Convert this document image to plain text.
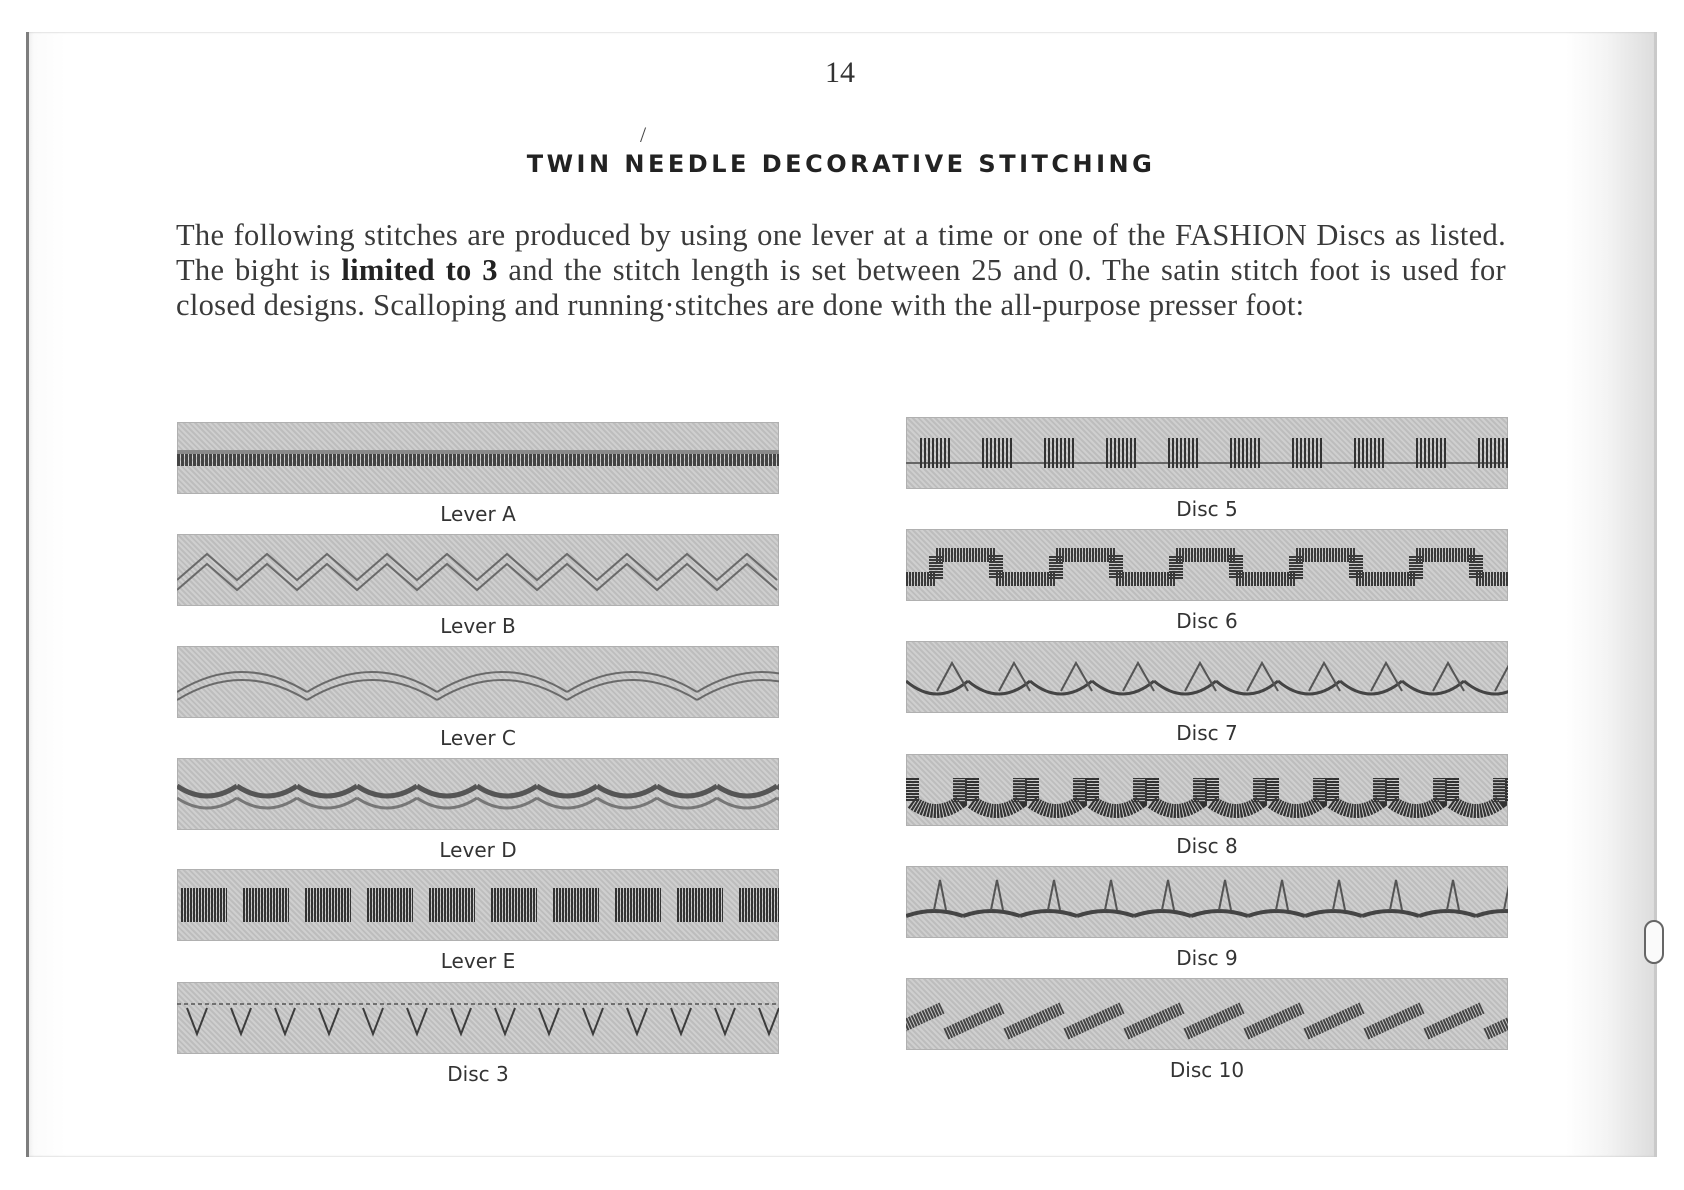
14
/
TWIN NEEDLE DECORATIVE STITCHING
The following stitches are produced by using one lever at a time or one of the FASHION Discs as listed. The bight is limited to 3 and the stitch length is set between 25 and 0. The satin stitch foot is used for closed designs. Scalloping and running·stitches are done with the all-purpose presser foot:
Lever A
Lever B
Lever C
Lever D
Lever E
Disc 3
Disc 5
Disc 6
Disc 7
Disc 8
Disc 9
Disc 10
